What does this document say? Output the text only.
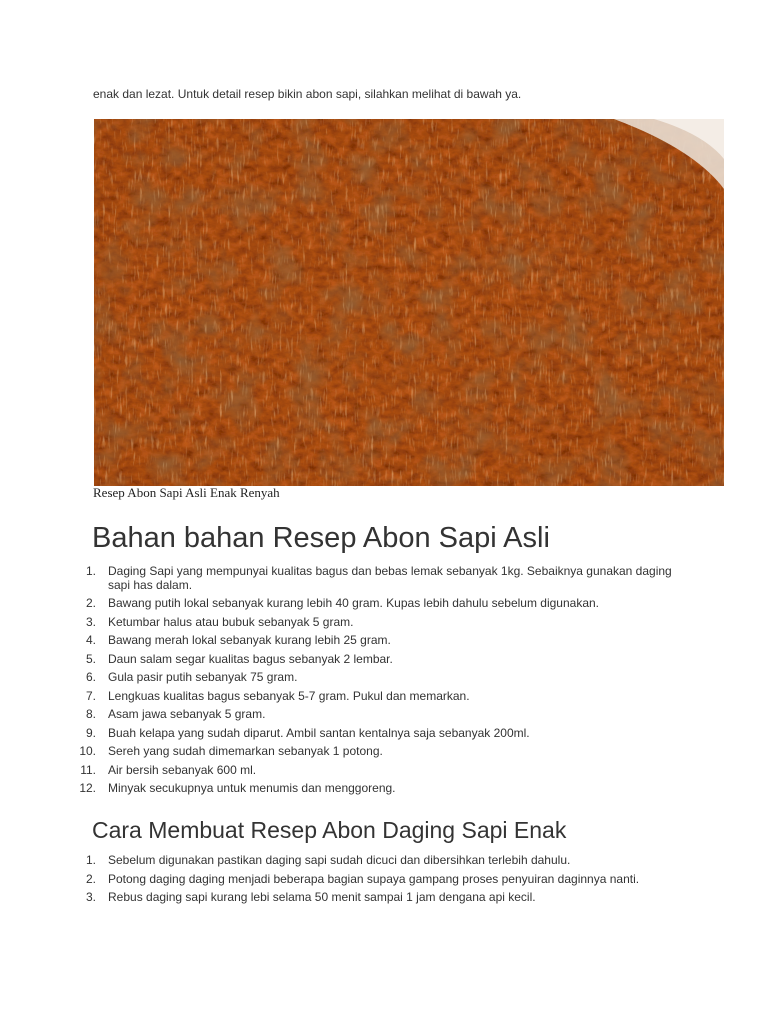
enak dan lezat. Untuk detail resep bikin abon sapi, silahkan melihat di bawah ya.

Resep Abon Sapi Asli Enak Renyah

Bahan bahan Resep Abon Sapi Asli
1. Daging Sapi yang mempunyai kualitas bagus dan bebas lemak sebanyak 1kg. Sebaiknya gunakan daging sapi has dalam.
2. Bawang putih lokal sebanyak kurang lebih 40 gram. Kupas lebih dahulu sebelum digunakan.
3. Ketumbar halus atau bubuk sebanyak 5 gram.
4. Bawang merah lokal sebanyak kurang lebih 25 gram.
5. Daun salam segar kualitas bagus sebanyak 2 lembar.
6. Gula pasir putih sebanyak 75 gram.
7. Lengkuas kualitas bagus sebanyak 5-7 gram. Pukul dan memarkan.
8. Asam jawa sebanyak 5 gram.
9. Buah kelapa yang sudah diparut. Ambil santan kentalnya saja sebanyak 200ml.
10. Sereh yang sudah dimemarkan sebanyak 1 potong.
11. Air bersih sebanyak 600 ml.
12. Minyak secukupnya untuk menumis dan menggoreng.
Cara Membuat Resep Abon Daging Sapi Enak
1. Sebelum digunakan pastikan daging sapi sudah dicuci dan dibersihkan terlebih dahulu.
2. Potong daging daging menjadi beberapa bagian supaya gampang proses penyuiran daginnya nanti.
3. Rebus daging sapi kurang lebi selama 50 menit sampai 1 jam dengana api kecil.
